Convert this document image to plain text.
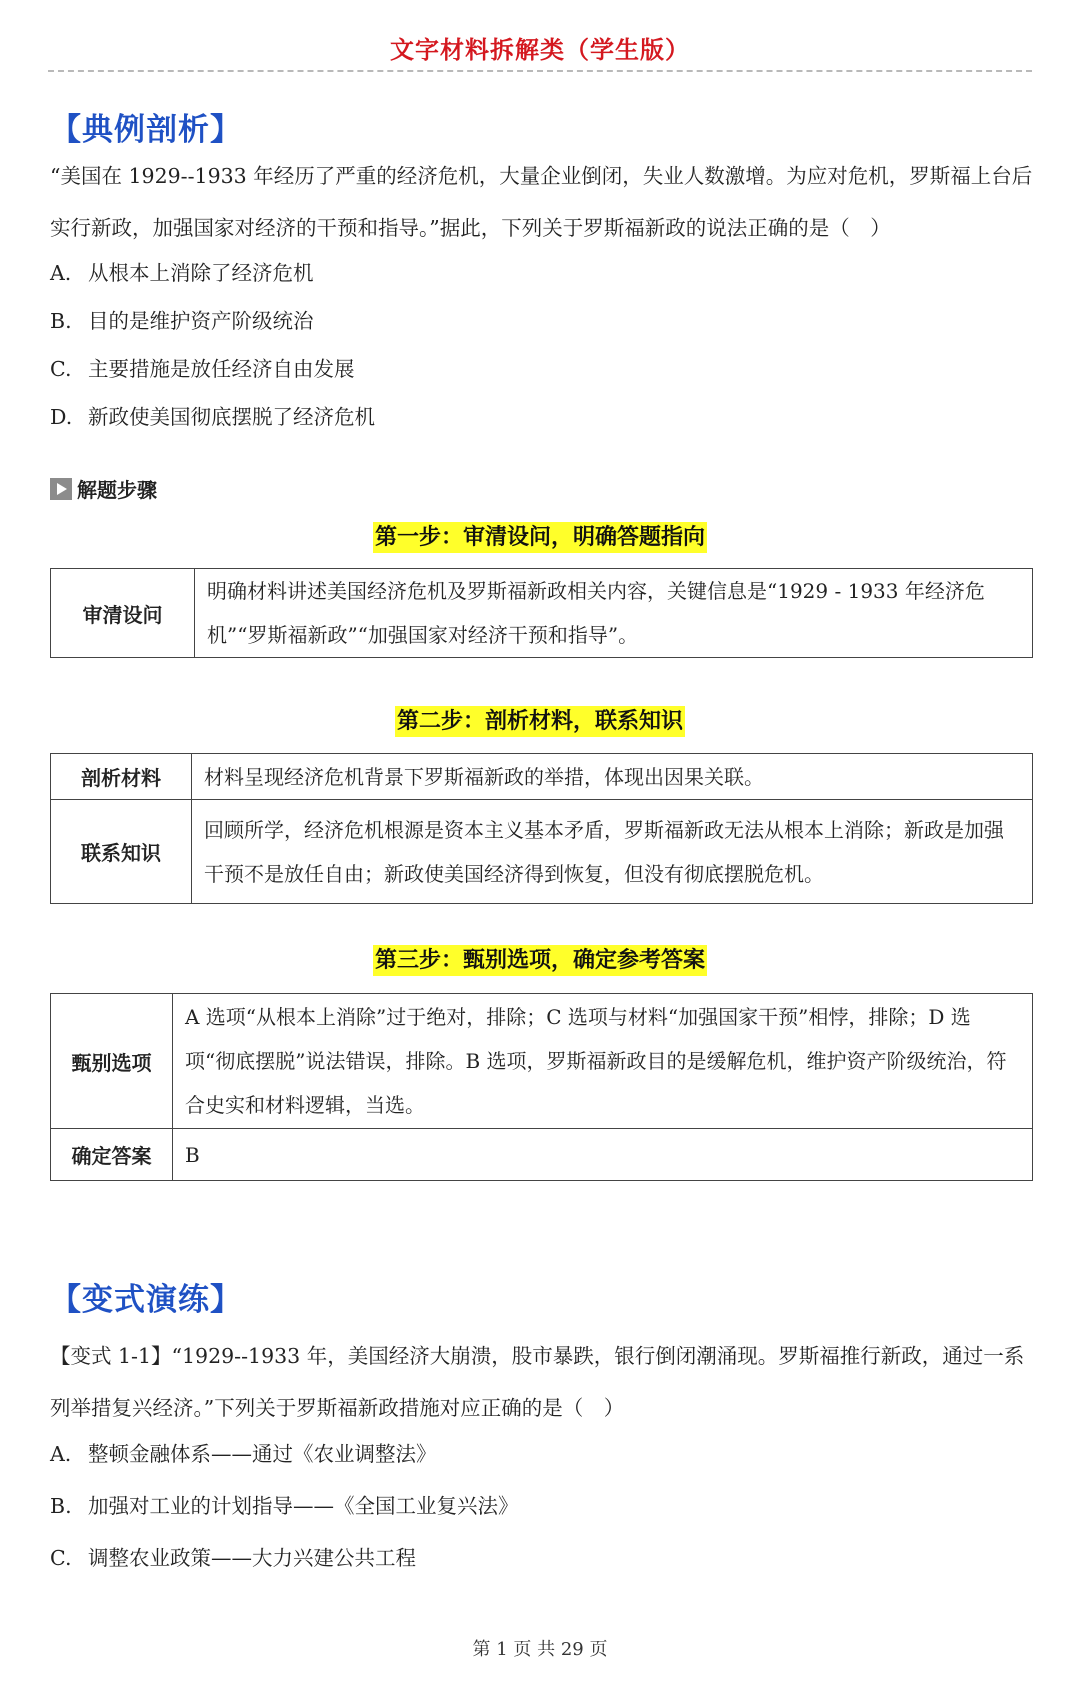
文字材料拆解类（学生版）
【典例剖析】

“美国在 1929--1933 年经历了严重的经济危机，大量企业倒闭，失业人数激增。为应对危机，罗斯福上台后实行新政，加强国家对经济的干预和指导。”据此，下列关于罗斯福新政的说法正确的是（　）

A. 从根本上消除了经济危机
B. 目的是维护资产阶级统治
C. 主要措施是放任经济自由发展
D. 新政使美国彻底摆脱了经济危机
解题步骤
第一步：审清设问，明确答题指向
审清设问	明确材料讲述美国经济危机及罗斯福新政相关内容，关键信息是“1929 - 1933 年经济危机”“罗斯福新政”“加强国家对经济干预和指导”。
第二步：剖析材料，联系知识
剖析材料	材料呈现经济危机背景下罗斯福新政的举措，体现出因果关联。
联系知识	回顾所学，经济危机根源是资本主义基本矛盾，罗斯福新政无法从根本上消除；新政是加强干预不是放任自由；新政使美国经济得到恢复，但没有彻底摆脱危机。
第三步：甄别选项，确定参考答案
甄别选项	A 选项“从根本上消除”过于绝对，排除；C 选项与材料“加强国家干预”相悖，排除；D 选项“彻底摆脱”说法错误，排除。B 选项，罗斯福新政目的是缓解危机，维护资产阶级统治，符合史实和材料逻辑，当选。
确定答案	B
【变式演练】

【变式 1-1】“1929--1933 年，美国经济大崩溃，股市暴跌，银行倒闭潮涌现。罗斯福推行新政，通过一系列举措复兴经济。”下列关于罗斯福新政措施对应正确的是（　）

A. 整顿金融体系——通过《农业调整法》
B. 加强对工业的计划指导——《全国工业复兴法》
C. 调整农业政策——大力兴建公共工程
第 1 页 共 29 页
